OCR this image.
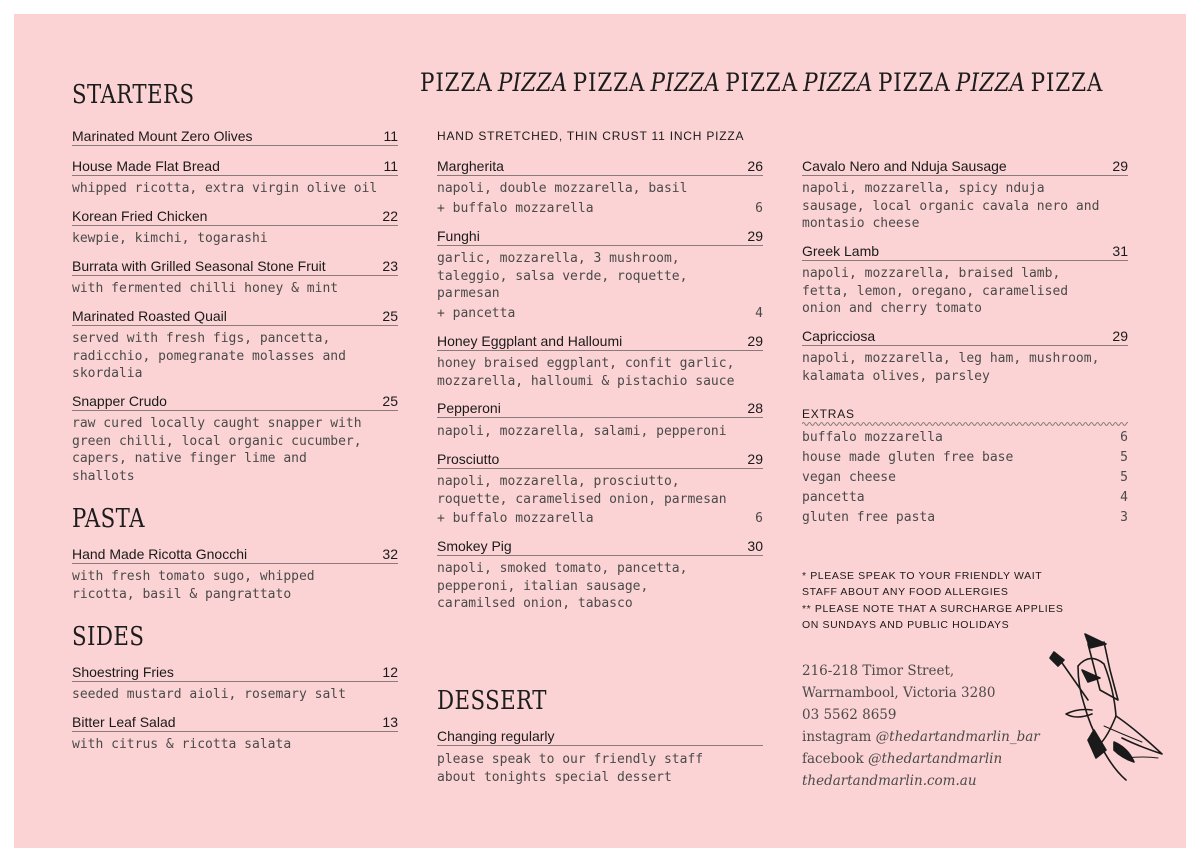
STARTERS
Marinated Mount Zero Olives	11
House Made Flat Bread	11
whipped ricotta, extra virgin olive oil
Korean Fried Chicken	22
kewpie, kimchi, togarashi
Burrata with Grilled Seasonal Stone Fruit	23
with fermented chilli honey & mint
Marinated Roasted Quail	25
served with fresh figs, pancetta,
radicchio, pomegranate molasses and
skordalia
Snapper Crudo	25
raw cured locally caught snapper with
green chilli, local organic cucumber,
capers, native finger lime and
shallots
PASTA
Hand Made Ricotta Gnocchi	32
with fresh tomato sugo, whipped
ricotta, basil & pangrattato
SIDES
Shoestring Fries	12
seeded mustard aioli, rosemary salt
Bitter Leaf Salad	13
with citrus & ricotta salata
PIZZA PIZZA PIZZA PIZZA PIZZA PIZZA PIZZA PIZZA PIZZA
HAND STRETCHED, THIN CRUST 11 INCH PIZZA
Margherita	26
napoli, double mozzarella, basil
+ buffalo mozzarella	6
Funghi	29
garlic, mozzarella, 3 mushroom,
taleggio, salsa verde, roquette,
parmesan
+ pancetta	4
Honey Eggplant and Halloumi	29
honey braised eggplant, confit garlic,
mozzarella, halloumi & pistachio sauce
Pepperoni	28
napoli, mozzarella, salami, pepperoni
Prosciutto	29
napoli, mozzarella, prosciutto,
roquette, caramelised onion, parmesan
+ buffalo mozzarella	6
Smokey Pig	30
napoli, smoked tomato, pancetta,
pepperoni, italian sausage,
caramilsed onion, tabasco
DESSERT
Changing regularly
please speak to our friendly staff
about tonights special dessert
Cavalo Nero and Nduja Sausage	29
napoli, mozzarella, spicy nduja
sausage, local organic cavala nero and
montasio cheese
Greek Lamb	31
napoli, mozzarella, braised lamb,
fetta, lemon, oregano, caramelised
onion and cherry tomato
Capricciosa	29
napoli, mozzarella, leg ham, mushroom,
kalamata olives, parsley
EXTRAS
buffalo mozzarella	6
house made gluten free base	5
vegan cheese	5
pancetta	4
gluten free pasta	3
* PLEASE SPEAK TO YOUR FRIENDLY WAIT
STAFF ABOUT ANY FOOD ALLERGIES
** PLEASE NOTE THAT A SURCHARGE APPLIES
ON SUNDAYS AND PUBLIC HOLIDAYS
216-218 Timor Street,
Warrnambool, Victoria 3280
03 5562 8659
instagram @thedartandmarlin_bar
facebook @thedartandmarlin
thedartandmarlin.com.au
